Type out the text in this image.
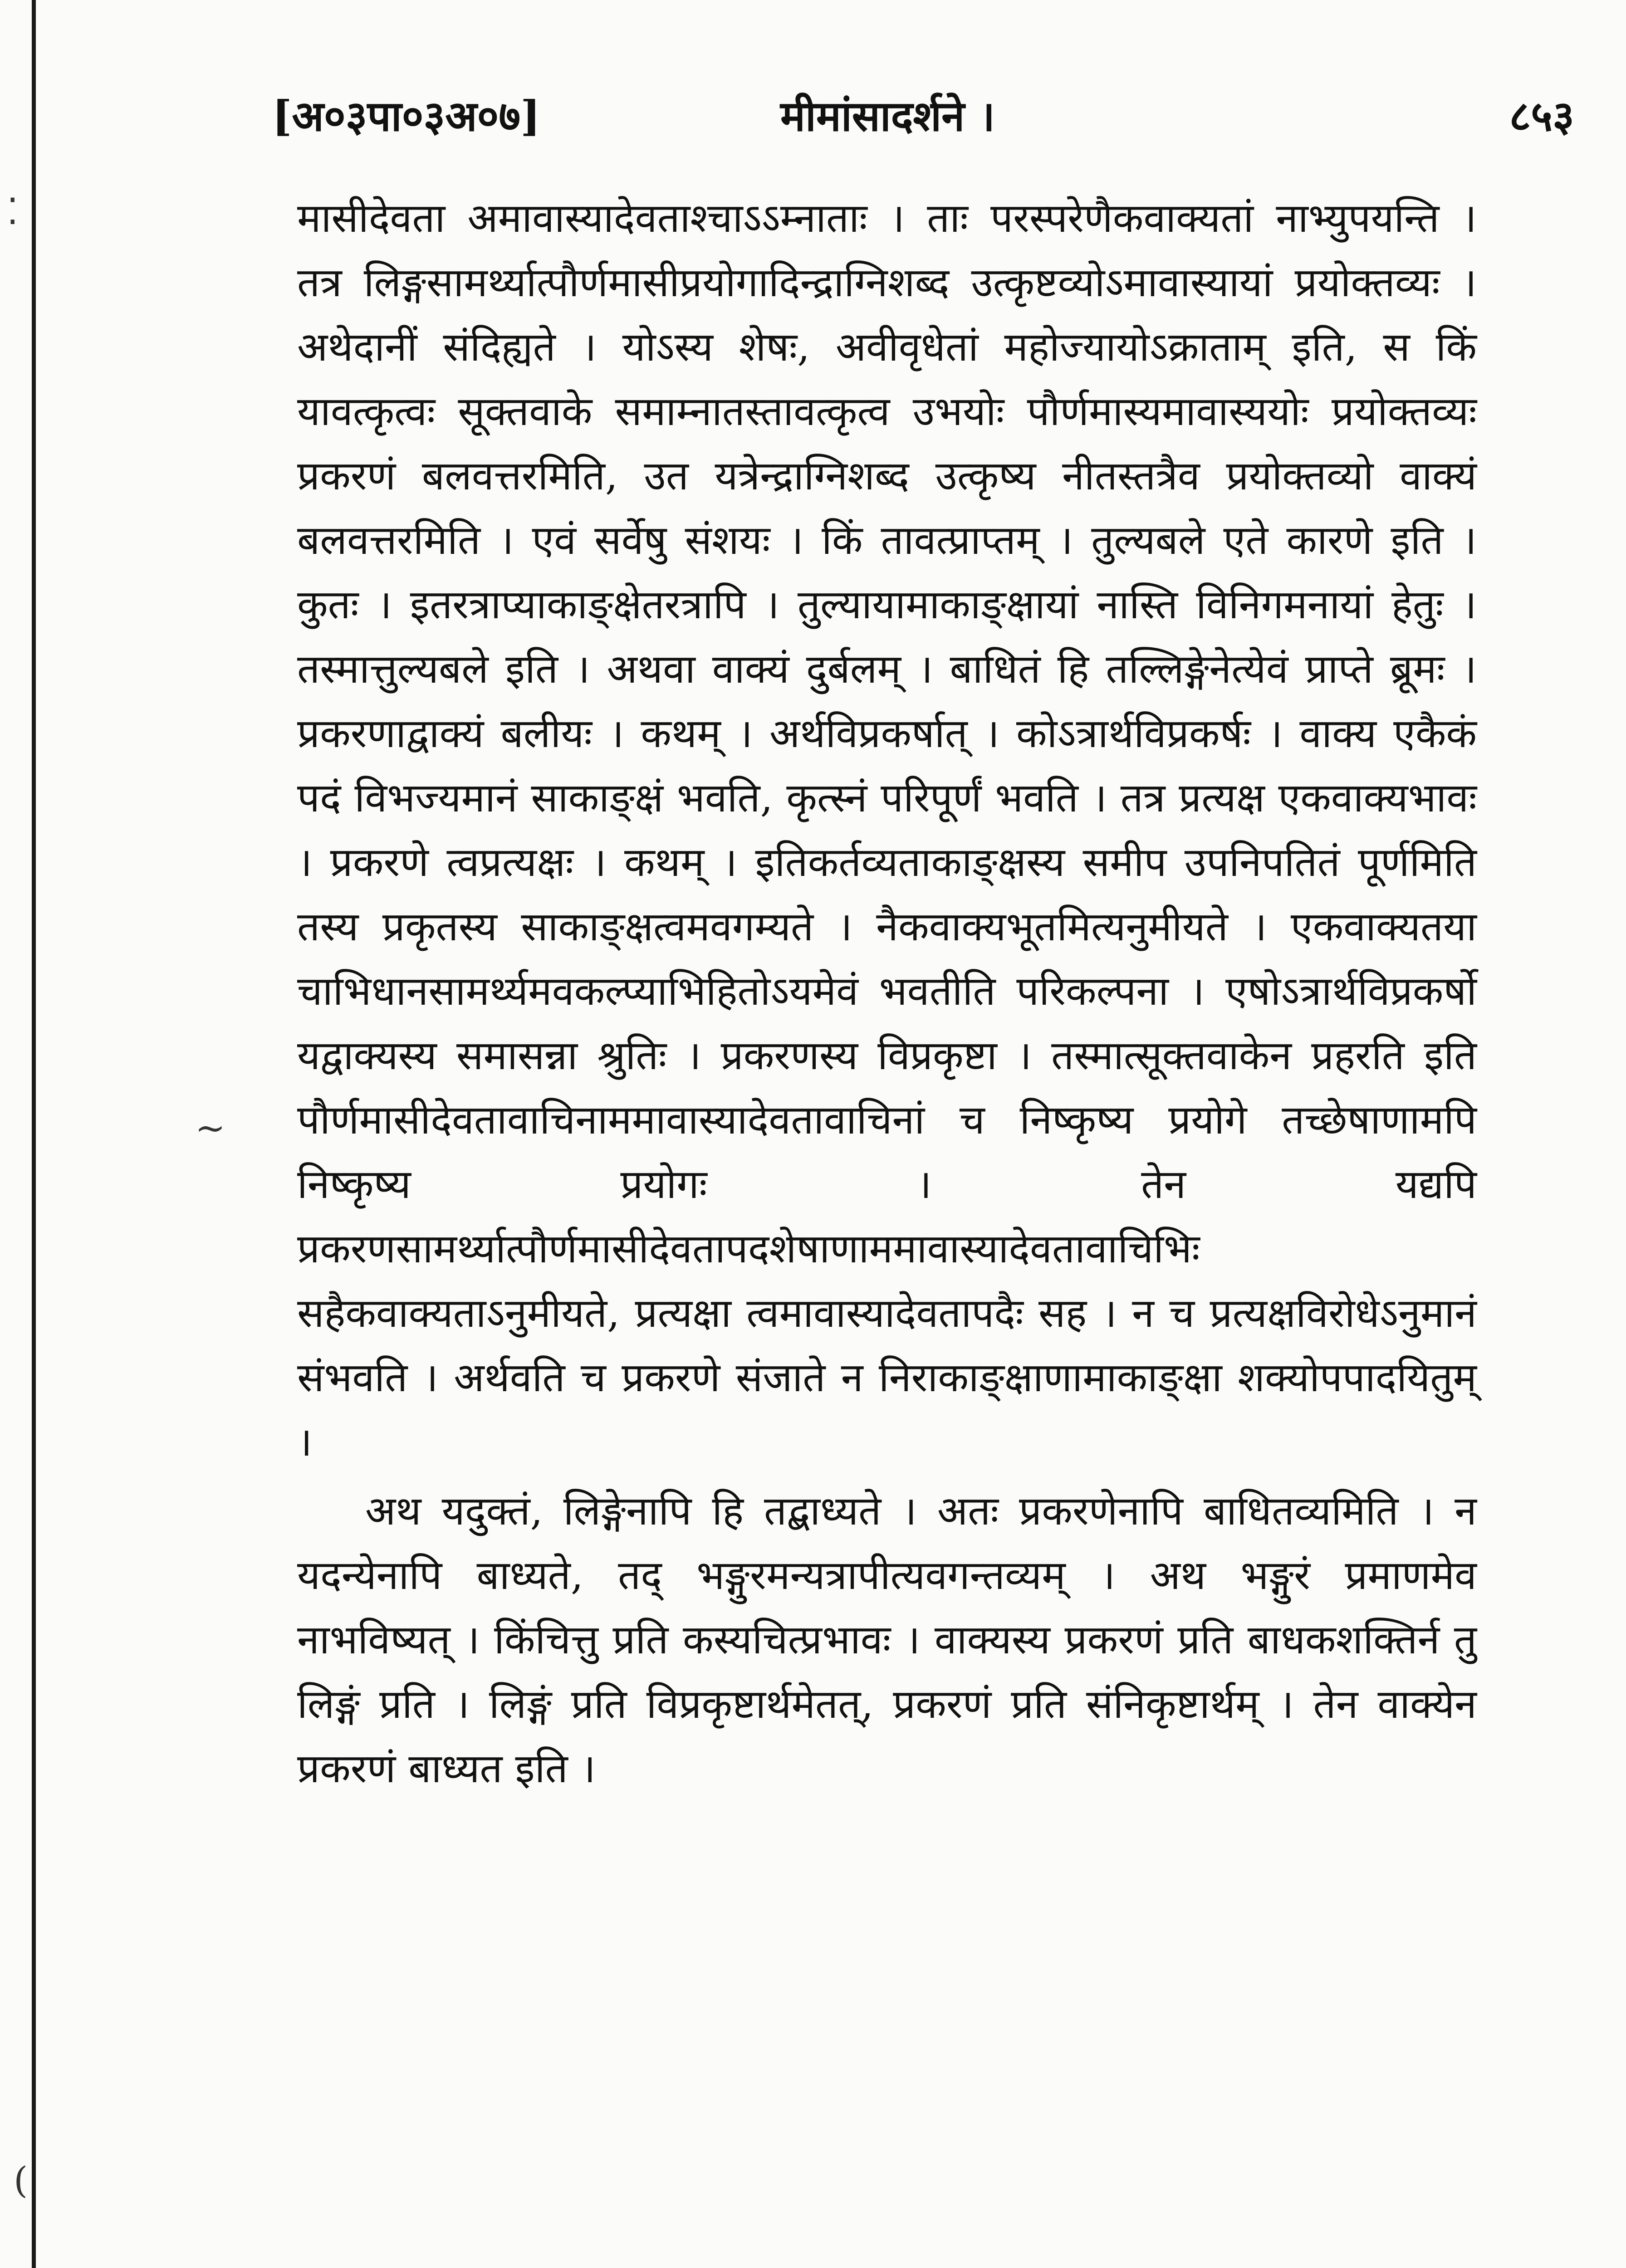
⁚
~
(
[अ०३पा०३अ०७]	मीमांसादर्शने ।	८५३

मासीदेवता अमावास्यादेवताश्चाऽऽम्नाताः । ताः परस्परेणैकवाक्यतां नाभ्युपयन्ति । तत्र लिङ्गसामर्थ्यात्पौर्णमासीप्रयोगादिन्द्राग्निशब्द उत्कृष्टव्योऽमावास्यायां प्रयोक्तव्यः । अथेदानीं संदिह्यते । योऽस्य शेषः, अवीवृधेतां महोज्यायोऽक्राताम् इति, स किं यावत्कृत्वः सूक्तवाके समाम्नातस्तावत्कृत्व उभयोः पौर्णमास्यमावास्ययोः प्रयोक्तव्यः प्रकरणं बलवत्तरमिति, उत यत्रेन्द्राग्निशब्द उत्कृष्य नीतस्तत्रैव प्रयोक्तव्यो वाक्यं बलवत्तरमिति । एवं सर्वेषु संशयः । किं तावत्प्राप्तम् । तुल्यबले एते कारणे इति । कुतः । इतरत्राप्याकाङ्क्षेतरत्रापि । तुल्यायामाकाङ्क्षायां नास्ति विनिगमनायां हेतुः । तस्मात्तुल्यबले इति । अथवा वाक्यं दुर्बलम् । बाधितं हि तल्लिङ्गेनेत्येवं प्राप्ते ब्रूमः । प्रकरणाद्वाक्यं बलीयः । कथम् । अर्थविप्रकर्षात् । कोऽत्रार्थविप्रकर्षः । वाक्य एकैकं पदं विभज्यमानं साकाङ्क्षं भवति, कृत्स्नं परिपूर्णं भवति । तत्र प्रत्यक्ष एकवाक्यभावः । प्रकरणे त्वप्रत्यक्षः । कथम् । इतिकर्तव्यताकाङ्क्षस्य समीप उपनिपतितं पूर्णमिति तस्य प्रकृतस्य साकाङ्क्षत्वमवगम्यते । नैकवाक्यभूतमित्यनुमीयते । एकवाक्यतया चाभिधानसामर्थ्यमवकल्प्याभिहितोऽयमेवं भवतीति परिकल्पना । एषोऽत्रार्थविप्रकर्षो यद्वाक्यस्य समासन्ना श्रुतिः । प्रकरणस्य विप्रकृष्टा । तस्मात्सूक्तवाकेन प्रहरति इति पौर्णमासीदेवतावाचिनाममावास्यादेवतावाचिनां च निष्कृष्य प्रयोगे तच्छेषाणामपि निष्कृष्य प्रयोगः । तेन यद्यपि प्रकरणसामर्थ्यात्पौर्णमासीदेवतापदशेषाणाममावास्यादेवतावाचिभिः सहैकवाक्यताऽनुमीयते, प्रत्यक्षा त्वमावास्यादेवतापदैः सह । न च प्रत्यक्षविरोधेऽनुमानं संभवति । अर्थवति च प्रकरणे संजाते न निराकाङ्क्षाणामाकाङ्क्षा शक्योपपादयितुम् ।

अथ यदुक्तं, लिङ्गेनापि हि तद्बाध्यते । अतः प्रकरणेनापि बाधितव्यमिति । न यदन्येनापि बाध्यते, तद् भङ्गुरमन्यत्रापीत्यवगन्तव्यम् । अथ भङ्गुरं प्रमाणमेव नाभविष्यत् । किंचित्तु प्रति कस्यचित्प्रभावः । वाक्यस्य प्रकरणं प्रति बाधकशक्तिर्न तु लिङ्गं प्रति । लिङ्गं प्रति विप्रकृष्टार्थमेतत्, प्रकरणं प्रति संनिकृष्टार्थम् । तेन वाक्येन प्रकरणं बाध्यत इति ।
